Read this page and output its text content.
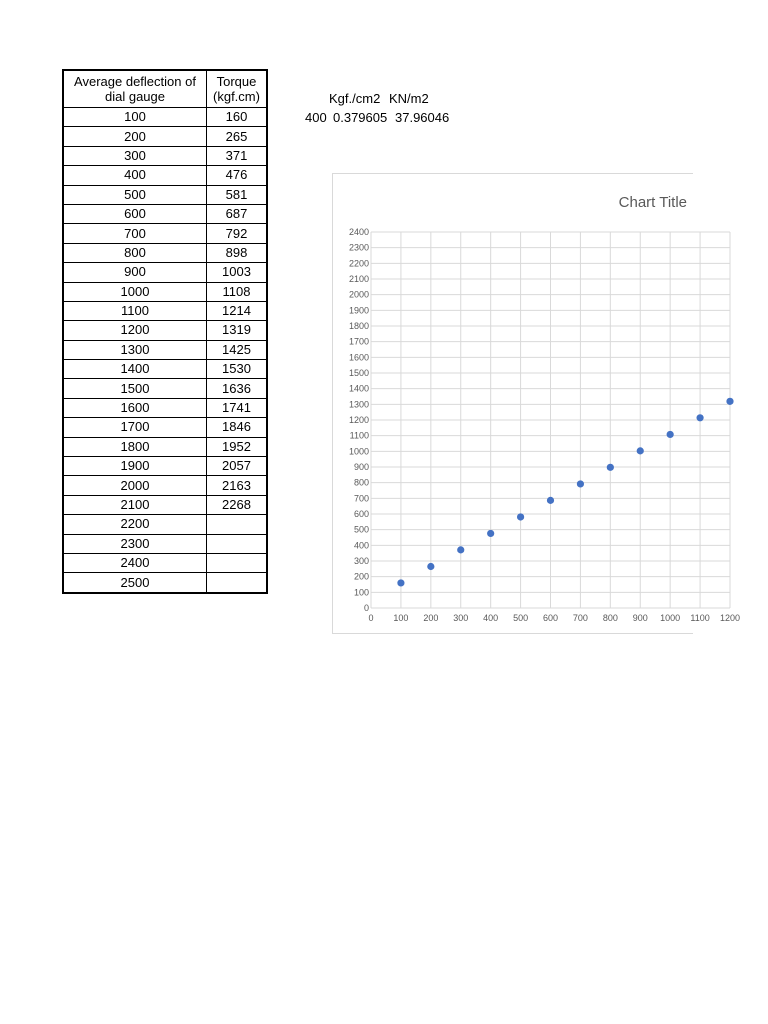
Average deflection of dial gauge	Torque (kgf.cm)
100	160
200	265
300	371
400	476
500	581
600	687
700	792
800	898
900	1003
1000	1108
1100	1214
1200	1319
1300	1425
1400	1530
1500	1636
1600	1741
1700	1846
1800	1952
1900	2057
2000	2163
2100	2268
2200	
2300	
2400	
2500	
Kgf./cm2 KN/m2
400 0.379605 37.96046
Chart Title
0
100
200
300
400
500
600
700
800
900
1000
1100
1200
1300
1400
1500
1600
1700
1800
1900
2000
2100
2200
2300
2400
0 100 200 300 400 500 600 700 800 900 1000 1100 1200
